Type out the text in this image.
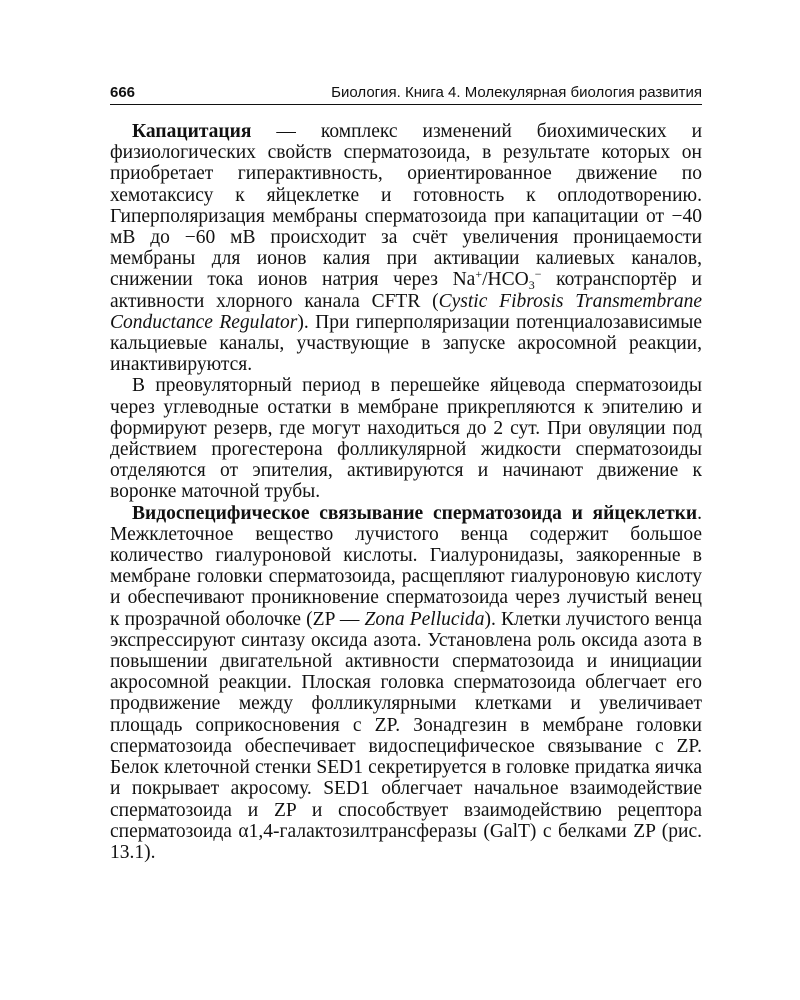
666	Биология. Книга 4. Молекулярная биология развития

Капацитация — комплекс изменений биохимических и физиологических свойств сперматозоида, в результате которых он приобретает гиперактивность, ориентированное движение по хемотаксису к яйцеклетке и готовность к оплодотворению. Гиперполяризация мембраны сперматозоида при капацитации от −40 мВ до −60 мВ происходит за счёт увеличения проницаемости мембраны для ионов калия при активации калиевых каналов, снижении тока ионов натрия через $Na^+/HCO_3^-$ котранспортёр и активности хлорного канала CFTR (Cystic Fibrosis Transmembrane Conductance Regulator). При гиперполяризации потенциалозависимые кальциевые каналы, участвующие в запуске акросомной реакции, инактивируются.

В преовуляторный период в перешейке яйцевода сперматозоиды через углеводные остатки в мембране прикрепляются к эпителию и формируют резерв, где могут находиться до 2 сут. При овуляции под действием прогестерона фолликулярной жидкости сперматозоиды отделяются от эпителия, активируются и начинают движение к воронке маточной трубы.

Видоспецифическое связывание сперматозоида и яйцеклетки. Межклеточное вещество лучистого венца содержит большое количество гиалуроновой кислоты. Гиалуронидазы, заякоренные в мембране головки сперматозоида, расщепляют гиалуроновую кислоту и обеспечивают проникновение сперматозоида через лучистый венец к прозрачной оболочке (ZP — Zona Pellucida). Клетки лучистого венца экспрессируют синтазу оксида азота. Установлена роль оксида азота в повышении двигательной активности сперматозоида и инициации акросомной реакции. Плоская головка сперматозоида облегчает его продвижение между фолликулярными клетками и увеличивает площадь соприкосновения с ZP. Зонадгезин в мембране головки сперматозоида обеспечивает видоспецифическое связывание с ZP. Белок клеточной стенки SED1 секретируется в головке придатка яичка и покрывает акросому. SED1 облегчает начальное взаимодействие сперматозоида и ZP и способствует взаимодействию рецептора сперматозоида α1,4-галактозилтрансферазы (GalT) с белками ZP (рис. 13.1).
